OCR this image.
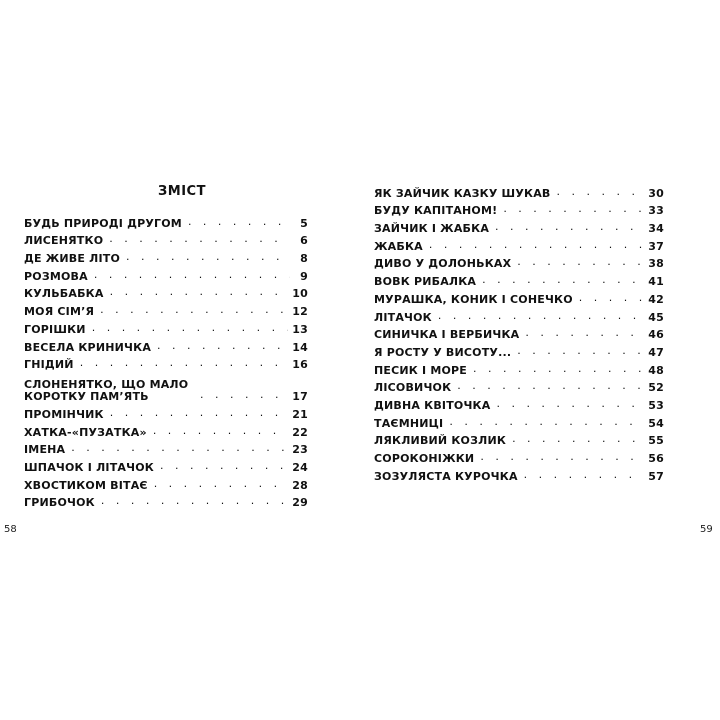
ЗМІСТ
БУДЬ ПРИРОДІ ДРУГОМ . . .	5
ЛИСЕНЯТКО . . .	6
ДЕ ЖИВЕ ЛІТО . . .	8
РОЗМОВА . . .	9
КУЛЬБАБКА . . .	10
МОЯ СІМ’Я . . .	12
ГОРІШКИ . . .	13
ВЕСЕЛА КРИНИЧКА . . .	14
ГНІДИЙ . . .	16
СЛОНЕНЯТКО, ЩО МАЛО КОРОТКУ ПАМ’ЯТЬ . . .	17
ПРОМІНЧИК . . .	21
ХАТКА-«ПУЗАТКА» . . .	22
ІМЕНА . . .	23
ШПАЧОК І ЛІТАЧОК . . .	24
ХВОСТИКОМ ВІТАЄ . . .	28
ГРИБОЧОК . . .	29
58
ЯК ЗАЙЧИК КАЗКУ ШУКАВ . . .	30
БУДУ КАПІТАНОМ! . . .	33
ЗАЙЧИК І ЖАБКА . . .	34
ЖАБКА . . .	37
ДИВО У ДОЛОНЬКАХ . . .	38
ВОВК РИБАЛКА . . .	41
МУРАШКА, КОНИК І СОНЕЧКО . . .	42
ЛІТАЧОК . . .	45
СИНИЧКА І ВЕРБИЧКА . . .	46
Я РОСТУ У ВИСОТУ... . . .	47
ПЕСИК І МОРЕ . . .	48
ЛІСОВИЧОК . . .	52
ДИВНА КВІТОЧКА . . .	53
ТАЄМНИЦІ . . .	54
ЛЯКЛИВИЙ КОЗЛИК . . .	55
СОРОКОНІЖКИ . . .	56
ЗОЗУЛЯСТА КУРОЧКА . . .	57
59
